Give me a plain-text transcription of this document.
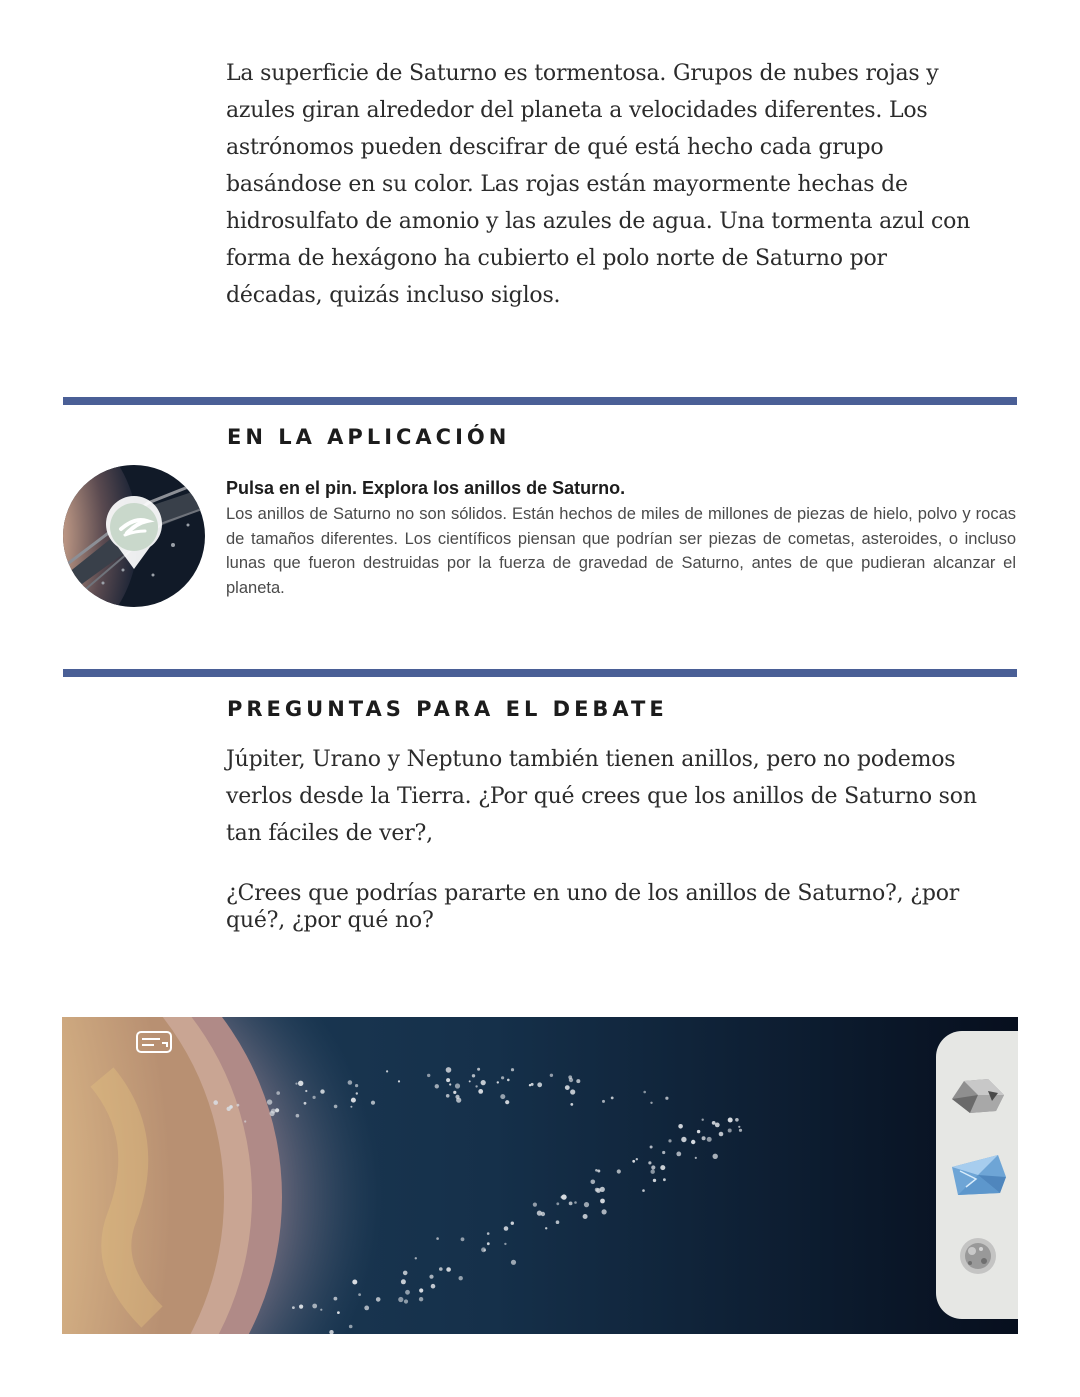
La superficie de Saturno es tormentosa. Grupos de nubes rojas y
azules giran alrededor del planeta a velocidades diferentes. Los
astrónomos pueden descifrar de qué está hecho cada grupo
basándose en su color. Las rojas están mayormente hechas de
hidrosulfato de amonio y las azules de agua. Una tormenta azul con
forma de hexágono ha cubierto el polo norte de Saturno por
décadas, quizás incluso siglos.

EN LA APLICACIÓN

Pulsa en el pin. Explora los anillos de Saturno.

Los anillos de Saturno no son sólidos. Están hechos de miles de millones de piezas de hielo, polvo y rocas de tamaños diferentes. Los científicos piensan que podrían ser piezas de cometas, asteroides, o incluso lunas que fueron destruidas por la fuerza de gravedad de Saturno, antes de que pudieran alcanzar el planeta.

PREGUNTAS PARA EL DEBATE

Júpiter, Urano y Neptuno también tienen anillos, pero no podemos
verlos desde la Tierra. ¿Por qué crees que los anillos de Saturno son
tan fáciles de ver?,

¿Crees que podrías pararte en uno de los anillos de Saturno?, ¿por
qué?, ¿por qué no?
